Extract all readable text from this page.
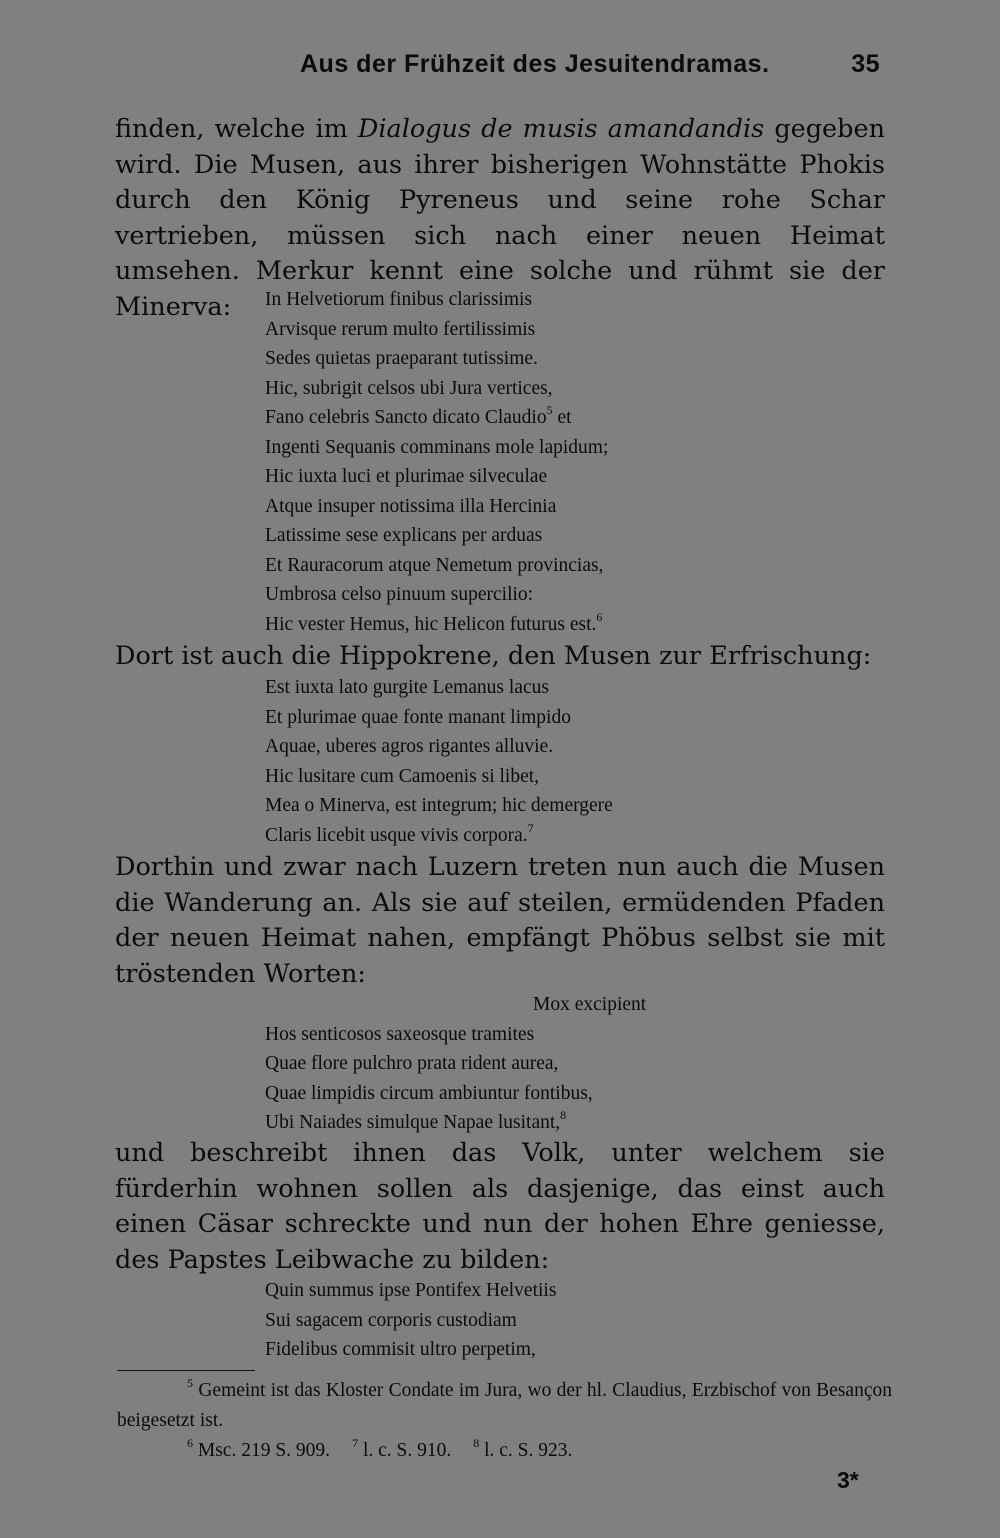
Aus der Frühzeit des Jesuitendramas.	35

finden, welche im Dialogus de musis amandandis gegeben wird. Die Musen, aus ihrer bisherigen Wohnstätte Phokis durch den König Pyreneus und seine rohe Schar vertrieben, müssen sich nach einer neuen Heimat umsehen. Merkur kennt eine solche und rühmt sie der Minerva:	In Helvetiorum finibus clarissimis
Arvisque rerum multo fertilissimis
Sedes quietas praeparant tutissime.
Hic, subrigit celsos ubi Jura vertices,
Fano celebris Sancto dicato Claudio$^5$ et
Ingenti Sequanis comminans mole lapidum;
Hic iuxta luci et plurimae silveculae
Atque insuper notissima illa Hercinia
Latissime sese explicans per arduas
Et Rauracorum atque Nemetum provincias,
Umbrosa celso pinuum supercilio:
Hic vester Hemus, hic Helicon futurus est.$^6$

Dort ist auch die Hippokrene, den Musen zur Erfrischung:

Est iuxta lato gurgite Lemanus lacus
Et plurimae quae fonte manant limpido
Aquae, uberes agros rigantes alluvie.
Hic lusitare cum Camoenis si libet,
Mea o Minerva, est integrum; hic demergere
Claris licebit usque vivis corpora.$^7$

Dorthin und zwar nach Luzern treten nun auch die Musen die Wanderung an. Als sie auf steilen, ermüdenden Pfaden der neuen Heimat nahen, empfängt Phöbus selbst sie mit tröstenden Worten:

Mox excipient
Hos senticosos saxeosque tramites
Quae flore pulchro prata rident aurea,
Quae limpidis circum ambiuntur fontibus,
Ubi Naiades simulque Napae lusitant,$^8$

und beschreibt ihnen das Volk, unter welchem sie fürderhin wohnen sollen als dasjenige, das einst auch einen Cäsar schreckte und nun der hohen Ehre geniesse, des Papstes Leibwache zu bilden:

Quin summus ipse Pontifex Helvetiis
Sui sagacem corporis custodiam
Fidelibus commisit ultro perpetim,

$^5$ Gemeint ist das Kloster Condate im Jura, wo der hl. Claudius, Erzbischof von Besançon beigesetzt ist.

$^6$ Msc. 219 S. 909. $^7$ l. c. S. 910. $^8$ l. c. S. 923.

3*
